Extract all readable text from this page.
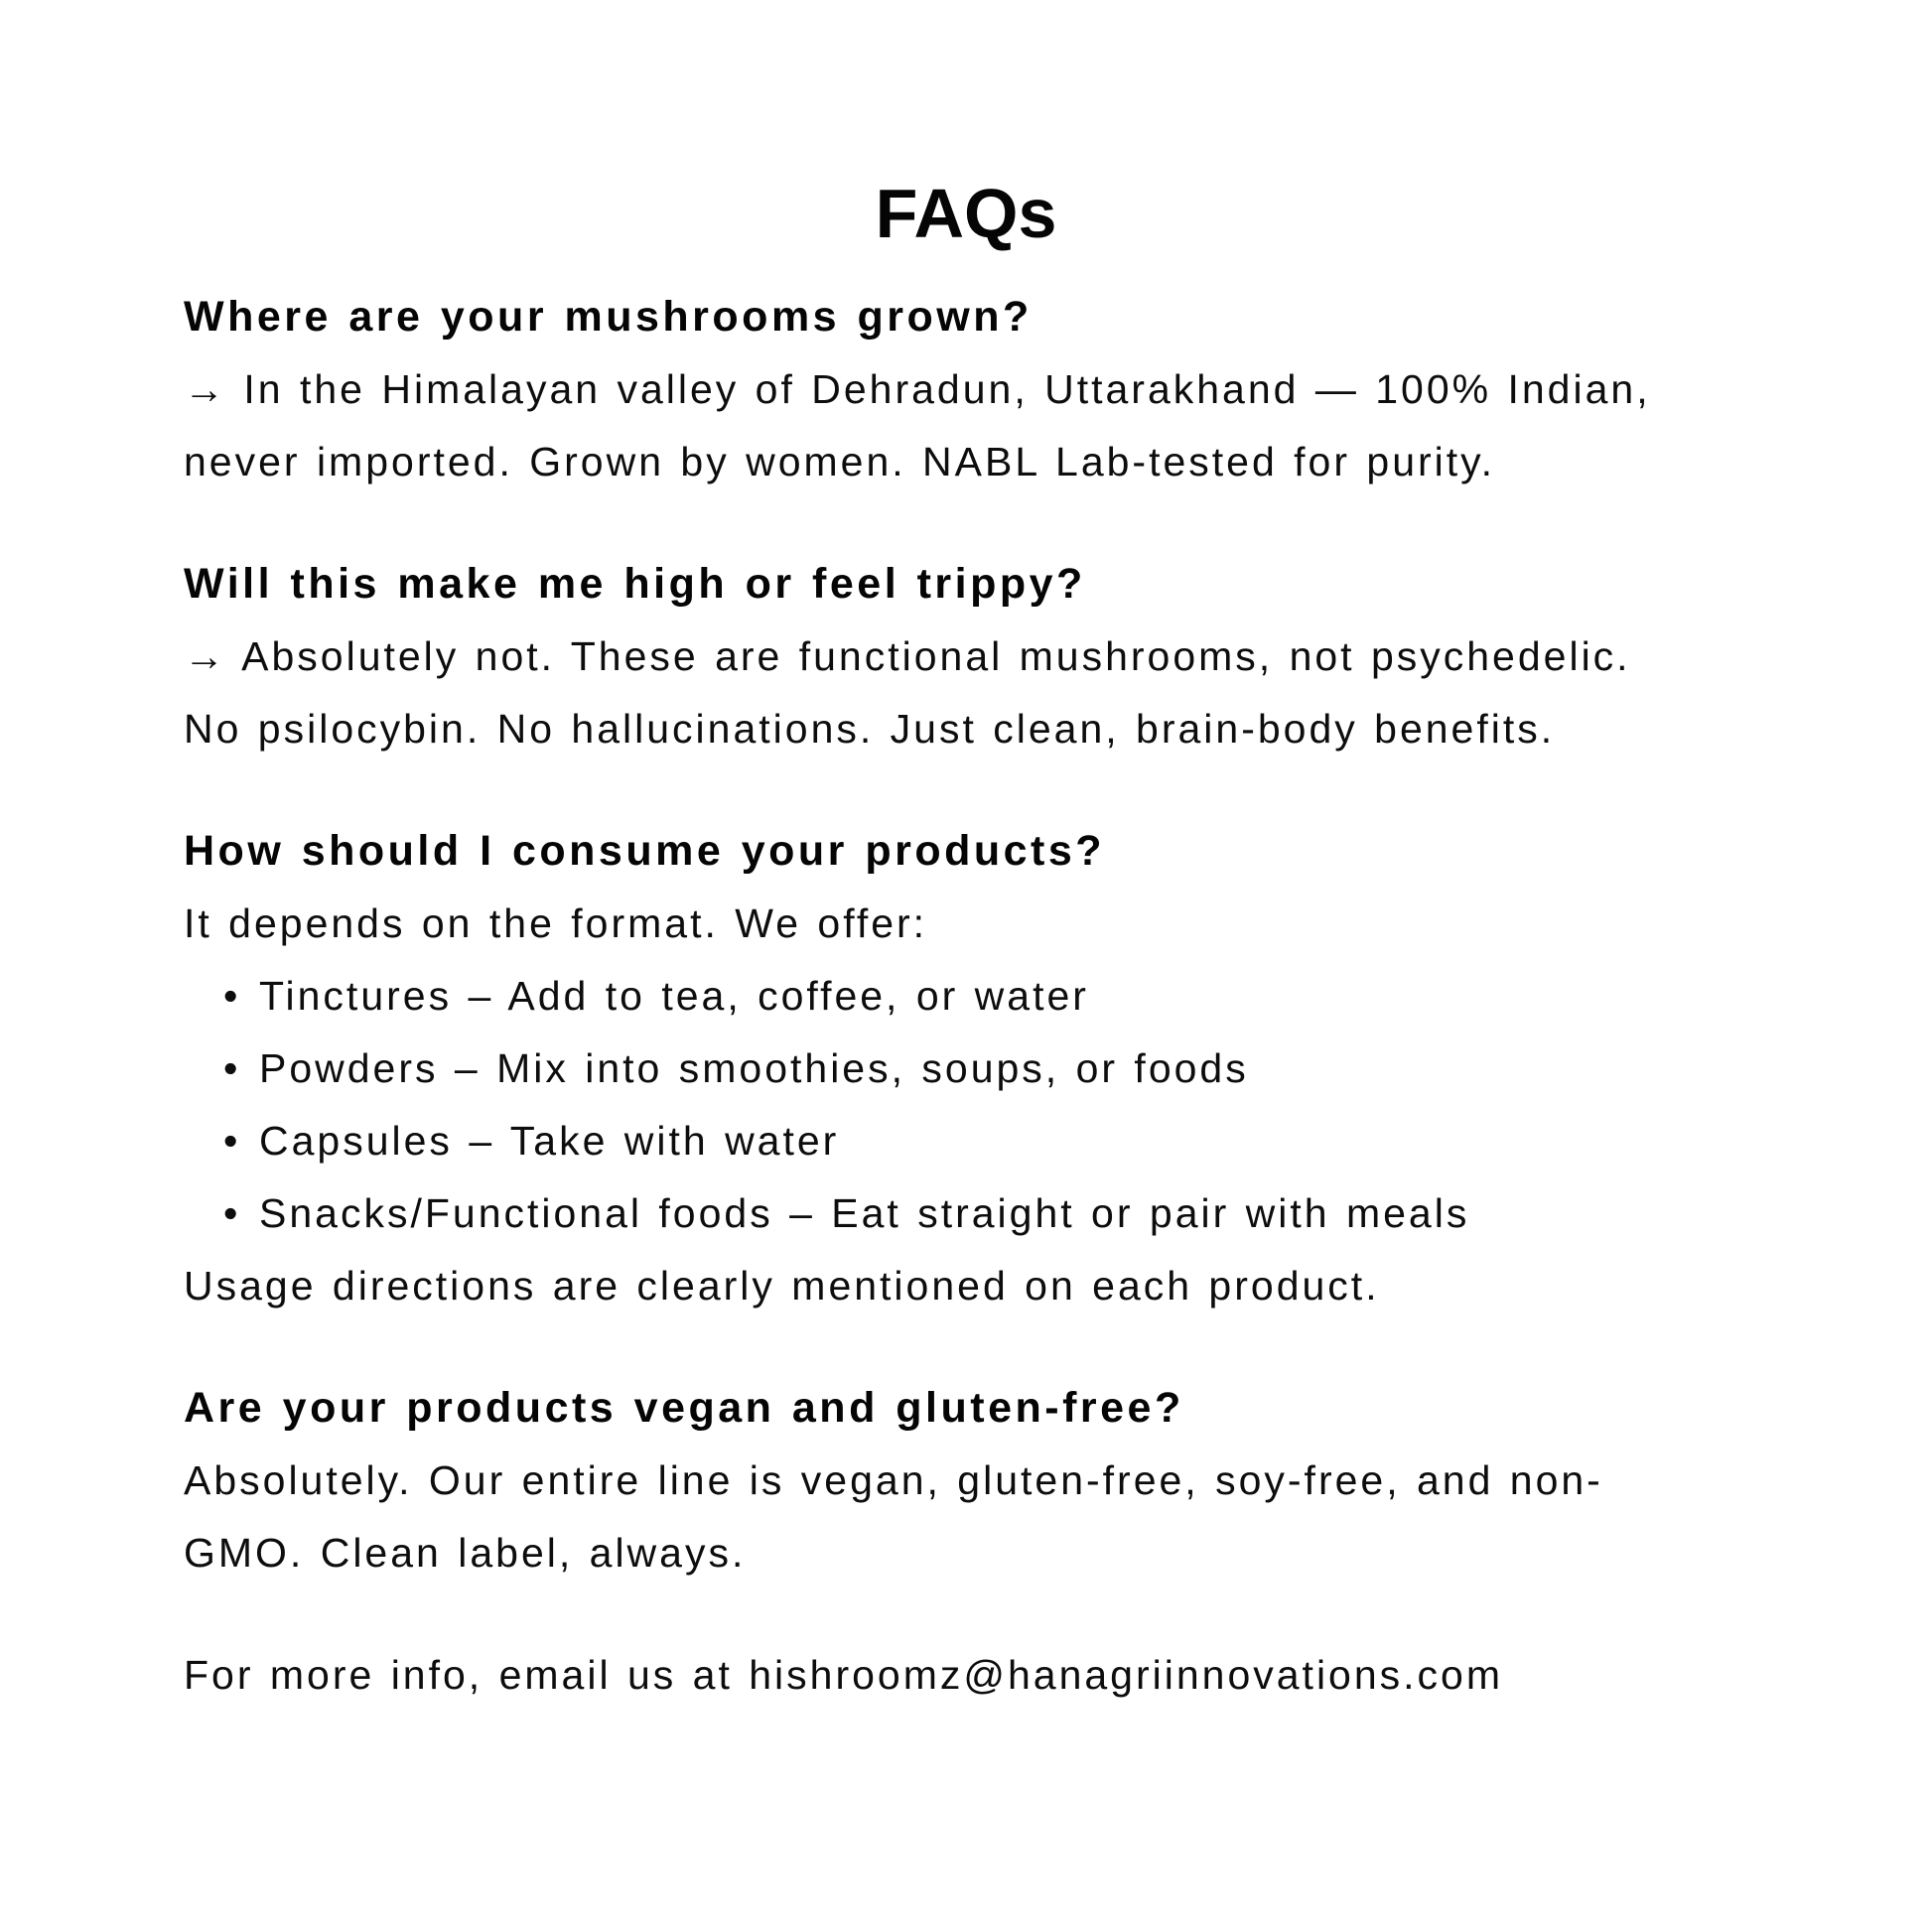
FAQs
Where are your mushrooms grown?

→ In the Himalayan valley of Dehradun, Uttarakhand — 100% Indian,

never imported. Grown by women. NABL Lab-tested for purity.

Will this make me high or feel trippy?

→ Absolutely not. These are functional mushrooms, not psychedelic.

No psilocybin. No hallucinations. Just clean, brain-body benefits.

How should I consume your products?

It depends on the format. We offer:

• Tinctures – Add to tea, coffee, or water
• Powders – Mix into smoothies, soups, or foods
• Capsules – Take with water
• Snacks/Functional foods – Eat straight or pair with meals

Usage directions are clearly mentioned on each product.

Are your products vegan and gluten-free?

Absolutely. Our entire line is vegan, gluten-free, soy-free, and non-

GMO. Clean label, always.

For more info, email us at hishroomz@hanagriinnovations.com
